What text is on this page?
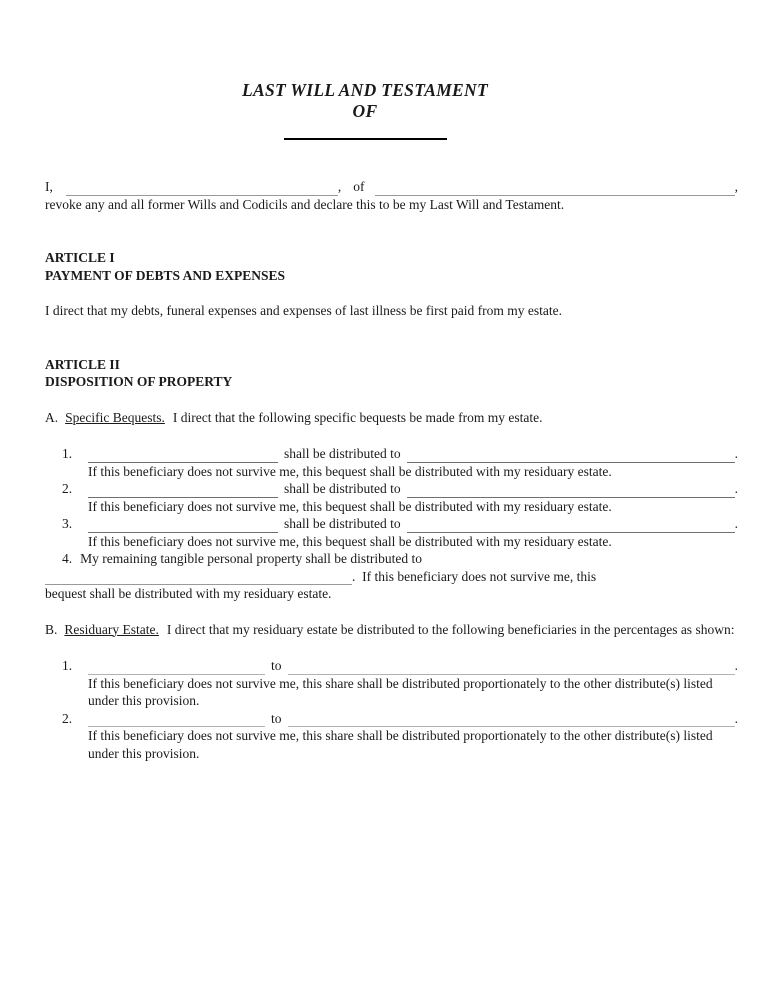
LAST WILL AND TESTAMENT
OF
I,	, of	,
revoke any and all former Wills and Codicils and declare this to be my Last Will and Testament.
ARTICLE I
PAYMENT OF DEBTS AND EXPENSES
I direct that my debts, funeral expenses and expenses of last illness be first paid from my estate.
ARTICLE II
DISPOSITION OF PROPERTY
A. Specific Bequests. I direct that the following specific bequests be made from my estate.
1.	shall be distributed to	.
If this beneficiary does not survive me, this bequest shall be distributed with my residuary estate.
2.	shall be distributed to	.
If this beneficiary does not survive me, this bequest shall be distributed with my residuary estate.
3.	shall be distributed to	.
If this beneficiary does not survive me, this bequest shall be distributed with my residuary estate.
4. My remaining tangible personal property shall be distributed to
.  If this beneficiary does not survive me, this
bequest shall be distributed with my residuary estate.
B. Residuary Estate. I direct that my residuary estate be distributed to the following beneficiaries in the percentages as shown:
1.	to	.
If this beneficiary does not survive me, this share shall be distributed proportionately to the other distribute(s) listed under this provision.
2.	to	.
If this beneficiary does not survive me, this share shall be distributed proportionately to the other distribute(s) listed under this provision.
